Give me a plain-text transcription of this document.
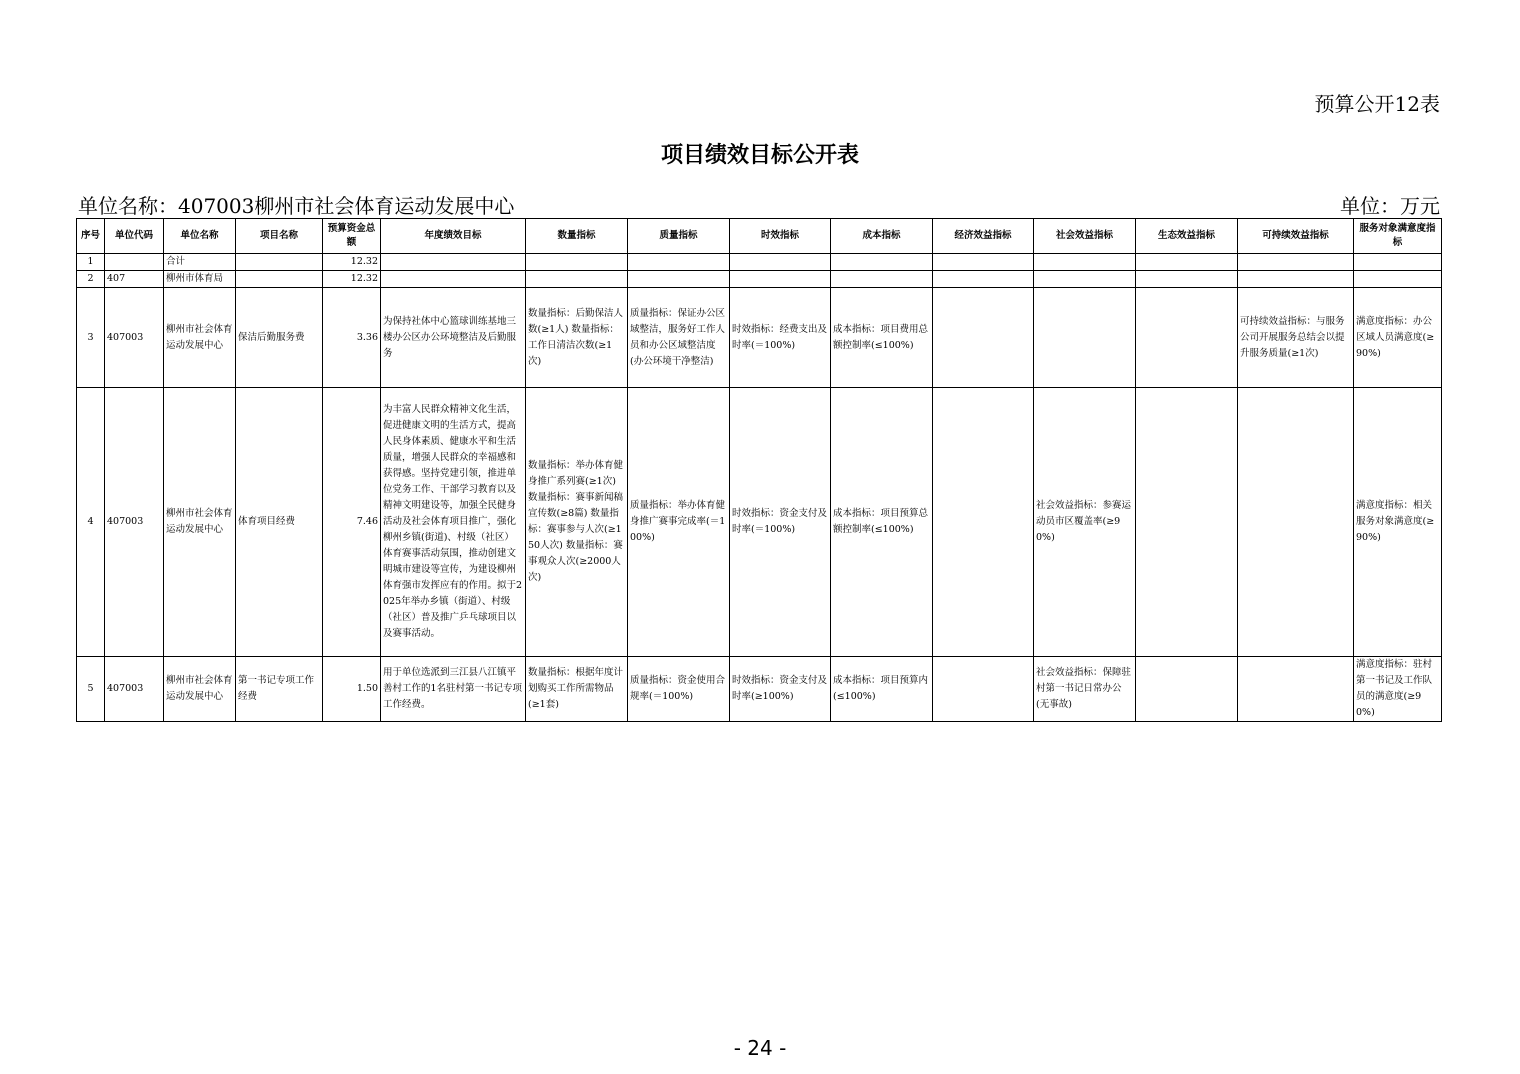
预算公开12表
项目绩效目标公开表
单位名称：407003柳州市社会体育运动发展中心	单位：万元
序号	单位代码	单位名称	项目名称	预算资金总额	年度绩效目标	数量指标	质量指标	时效指标	成本指标	经济效益指标	社会效益指标	生态效益指标	可持续效益指标	服务对象满意度指标
1		合计		12.32										
2	407	柳州市体育局		12.32										
3	407003	柳州市社会体育运动发展中心	保洁后勤服务费	3.36	为保持社体中心篮球训练基地三楼办公区办公环境整洁及后勤服务	数量指标：后勤保洁人数(≥1人) 数量指标：工作日清洁次数(≥1次)	质量指标：保证办公区域整洁，服务好工作人员和办公区域整洁度(办公环境干净整洁)	时效指标：经费支出及时率(＝100%)	成本指标：项目费用总额控制率(≤100%)				可持续效益指标：与服务公司开展服务总结会以提升服务质量(≥1次)	满意度指标：办公区域人员满意度(≥90%)
4	407003	柳州市社会体育运动发展中心	体育项目经费	7.46	为丰富人民群众精神文化生活，促进健康文明的生活方式，提高人民身体素质、健康水平和生活质量，增强人民群众的幸福感和获得感。坚持党建引领，推进单位党务工作、干部学习教育以及精神文明建设等，加强全民健身活动及社会体育项目推广，强化柳州乡镇(街道)、村级（社区）体育赛事活动氛围，推动创建文明城市建设等宣传，为建设柳州体育强市发挥应有的作用。拟于2025年举办乡镇（街道）、村级（社区）普及推广乒乓球项目以及赛事活动。	数量指标：举办体育健身推广系列赛(≥1次) 数量指标：赛事新闻稿宣传数(≥8篇) 数量指标：赛事参与人次(≥150人次) 数量指标：赛事观众人次(≥2000人次)	质量指标：举办体育健身推广赛事完成率(＝100%)	时效指标：资金支付及时率(＝100%)	成本指标：项目预算总额控制率(≤100%)		社会效益指标：参赛运动员市区覆盖率(≥90%)			满意度指标：相关服务对象满意度(≥90%)
5	407003	柳州市社会体育运动发展中心	第一书记专项工作经费	1.50	用于单位选派到三江县八江镇平善村工作的1名驻村第一书记专项工作经费。	数量指标：根据年度计划购买工作所需物品(≥1套)	质量指标：资金使用合规率(＝100%)	时效指标：资金支付及时率(≥100%)	成本指标：项目预算内(≤100%)		社会效益指标：保障驻村第一书记日常办公(无事故)			满意度指标：驻村第一书记及工作队员的满意度(≥90%)
- 24 -
